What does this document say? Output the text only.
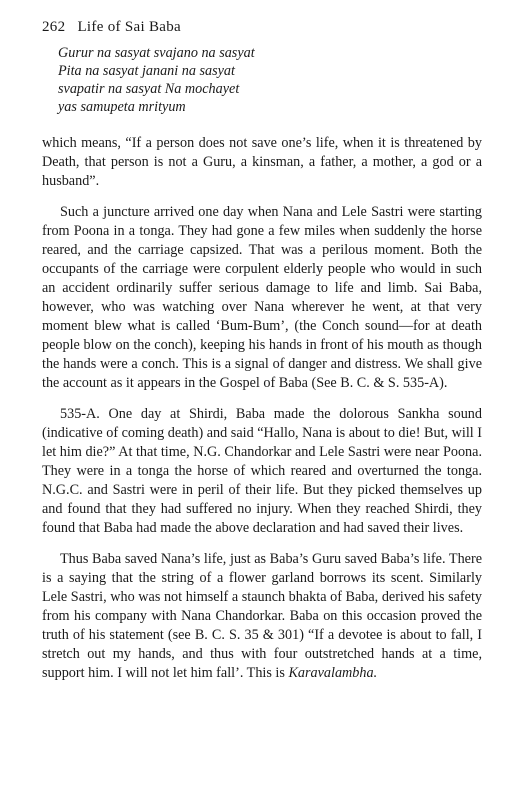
262 Life of Sai Baba
Gurur na sasyat svajano na sasyat
Pita na sasyat janani na sasyat
svapatir na sasyat Na mochayet
yas samupeta mrityum

which means, “If a person does not save one’s life, when it is threatened by Death, that person is not a Guru, a kinsman, a father, a mother, a god or a husband”.

Such a juncture arrived one day when Nana and Lele Sastri were starting from Poona in a tonga. They had gone a few miles when suddenly the horse reared, and the carriage capsized. That was a perilous moment. Both the occupants of the carriage were corpulent elderly people who would in such an accident ordinarily suffer serious damage to life and limb. Sai Baba, however, who was watching over Nana wherever he went, at that very moment blew what is called ‘Bum-Bum’, (the Conch sound—for at death people blow on the conch), keeping his hands in front of his mouth as though the hands were a conch. This is a signal of danger and distress. We shall give the account as it appears in the Gospel of Baba (See B. C. & S. 535-A).

535-A. One day at Shirdi, Baba made the dolorous Sankha sound (indicative of coming death) and said “Hallo, Nana is about to die! But, will I let him die?” At that time, N.G. Chandorkar and Lele Sastri were near Poona. They were in a tonga the horse of which reared and overturned the tonga. N.G.C. and Sastri were in peril of their life. But they picked themselves up and found that they had suffered no injury. When they reached Shirdi, they found that Baba had made the above declaration and had saved their lives.

Thus Baba saved Nana’s life, just as Baba’s Guru saved Baba’s life. There is a saying that the string of a flower garland borrows its scent. Similarly Lele Sastri, who was not himself a staunch bhakta of Baba, derived his safety from his company with Nana Chandorkar. Baba on this occasion proved the truth of his statement (see B. C. S. 35 & 301) “If a devotee is about to fall, I stretch out my hands, and thus with four outstretched hands at a time, support him. I will not let him fall’. This is Karavalambha.
